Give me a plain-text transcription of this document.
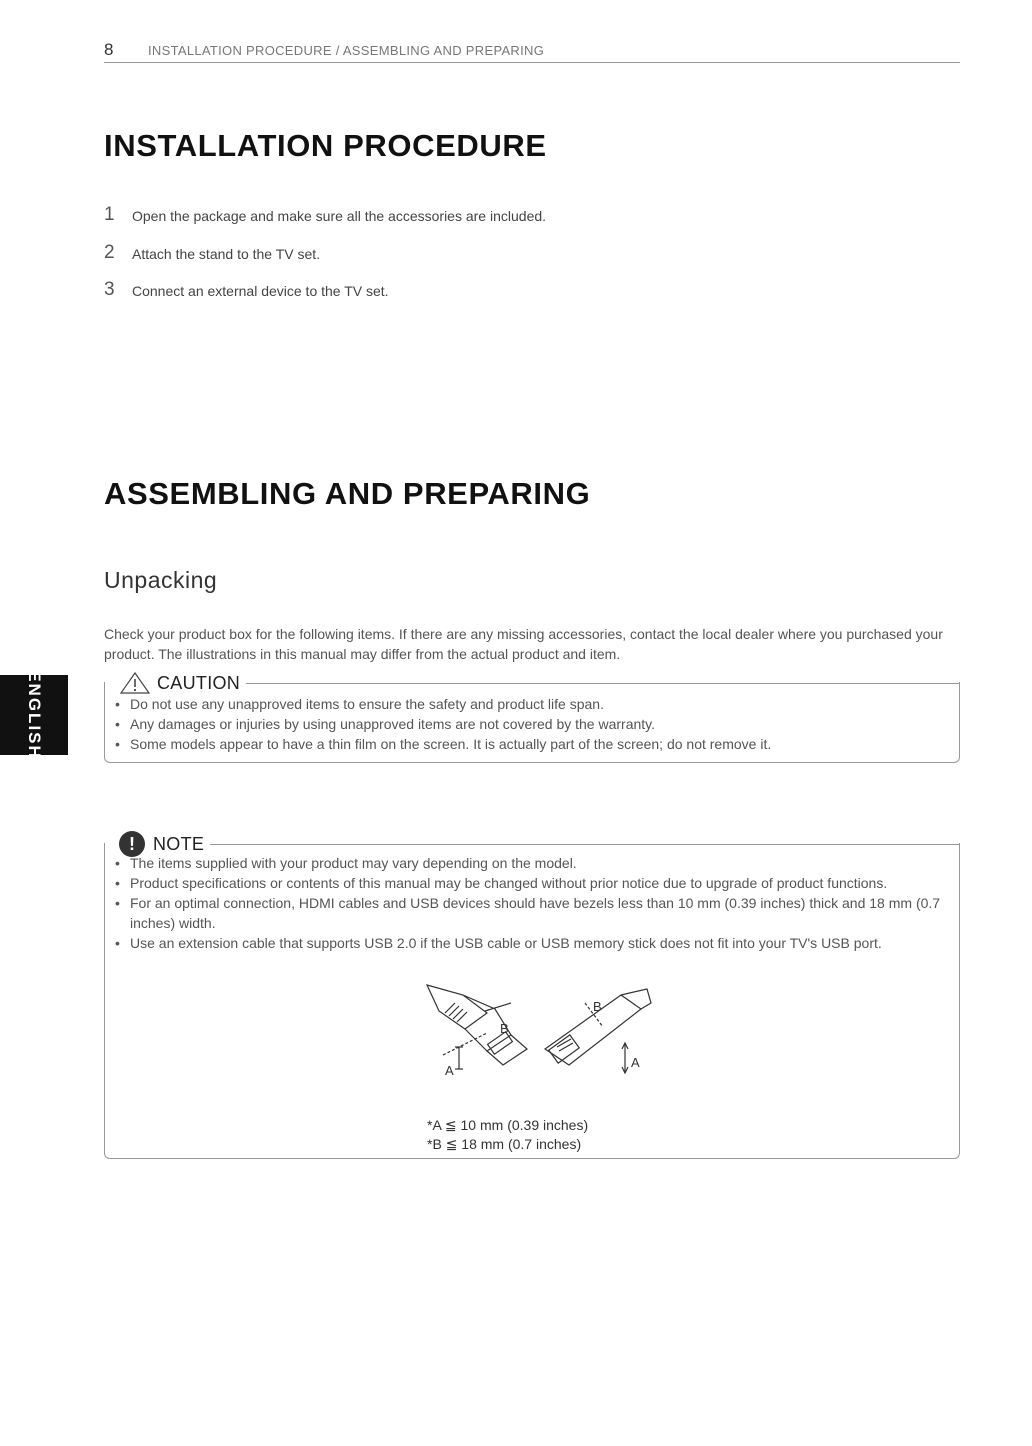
8	INSTALLATION PROCEDURE / ASSEMBLING AND PREPARING
INSTALLATION PROCEDURE
1	Open the package and make sure all the accessories are included.
2	Attach the stand to the TV set.
3	Connect an external device to the TV set.
ASSEMBLING AND PREPARING
Unpacking

Check your product box for the following items. If there are any missing accessories, contact the local dealer where you purchased your product. The illustrations in this manual may differ from the actual product and item.

ENGLISH	CAUTION
• Do not use any unapproved items to ensure the safety and product life span.
• Any damages or injuries by using unapproved items are not covered by the warranty.
• Some models appear to have a thin film on the screen. It is actually part of the screen; do not remove it.
!	NOTE
• The items supplied with your product may vary depending on the model.
• Product specifications or contents of this manual may be changed without prior notice due to upgrade of product functions.
• For an optimal connection, HDMI cables and USB devices should have bezels less than 10 mm (0.39 inches) thick and 18 mm (0.7 inches) width.
• Use an extension cable that supports USB 2.0 if the USB cable or USB memory stick does not fit into your TV's USB port.
A
B
A
B
*A ≦ 10 mm (0.39 inches)
*B ≦ 18 mm (0.7 inches)
